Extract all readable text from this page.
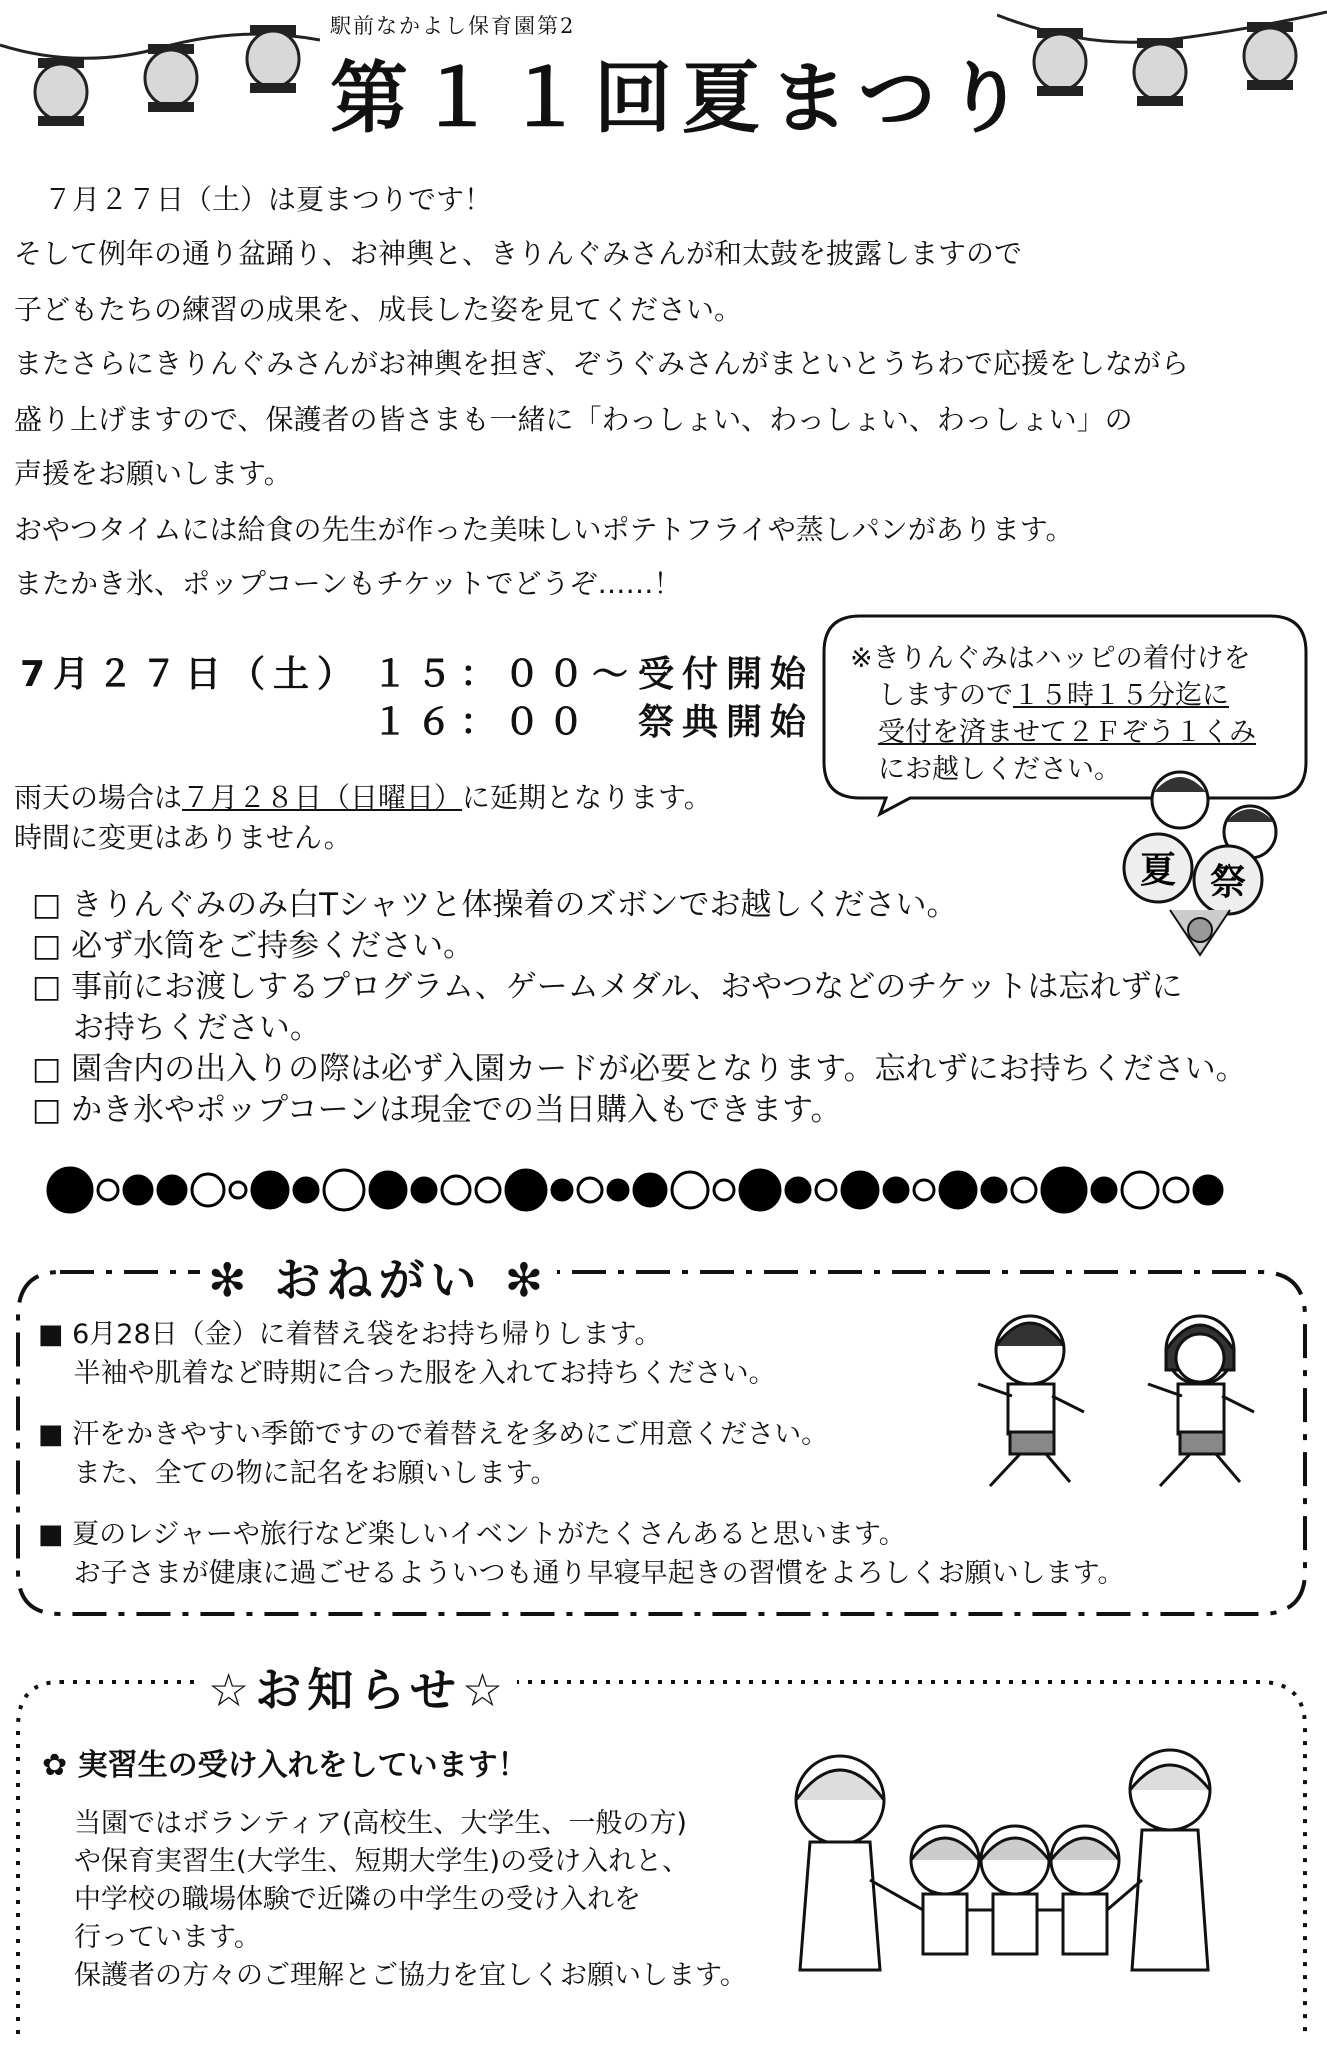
駅前なかよし保育園第2
第１１回夏まつり

７月２７日（土）は夏まつりです！

そして例年の通り盆踊り、お神輿と、きりんぐみさんが和太鼓を披露しますので

子どもたちの練習の成果を、成長した姿を見てください。

またさらにきりんぐみさんがお神輿を担ぎ、ぞうぐみさんがまといとうちわで応援をしながら

盛り上げますので、保護者の皆さまも一緒に「わっしょい、わっしょい、わっしょい」の

声援をお願いします。

おやつタイムには給食の先生が作った美味しいポテトフライや蒸しパンがあります。

またかき氷、ポップコーンもチケットでどうぞ……！

7月２７日（土） １５：００〜 受付開始
１６：００ 祭典開始
雨天の場合は７月２８日（日曜日）に延期となります。
時間に変更はありません。
※きりんぐみはハッピの着付けを
しますので１５時１５分迄に
受付を済ませて２Ｆぞう１くみ
にお越しください。
夏 祭
□ きりんぐみのみ白Tシャツと体操着のズボンでお越しください。
□ 必ず水筒をご持参ください。
□ 事前にお渡しするプログラム、ゲームメダル、おやつなどのチケットは忘れずに
　 お持ちください。
□ 園舎内の出入りの際は必ず入園カードが必要となります。忘れずにお持ちください。
□ かき氷やポップコーンは現金での当日購入もできます。
✻ おねがい ✻
■ 6月28日（金）に着替え袋をお持ち帰りします。
　 半袖や肌着など時期に合った服を入れてお持ちください。
■ 汗をかきやすい季節ですので着替えを多めにご用意ください。
　 また、全ての物に記名をお願いします。
■ 夏のレジャーや旅行など楽しいイベントがたくさんあると思います。
　 お子さまが健康に過ごせるよういつも通り早寝早起きの習慣をよろしくお願いします。
☆お知らせ☆
✿ 実習生の受け入れをしています！
当園ではボランティア(高校生、大学生、一般の方)
や保育実習生(大学生、短期大学生)の受け入れと、
中学校の職場体験で近隣の中学生の受け入れを
行っています。
保護者の方々のご理解とご協力を宜しくお願いします。
